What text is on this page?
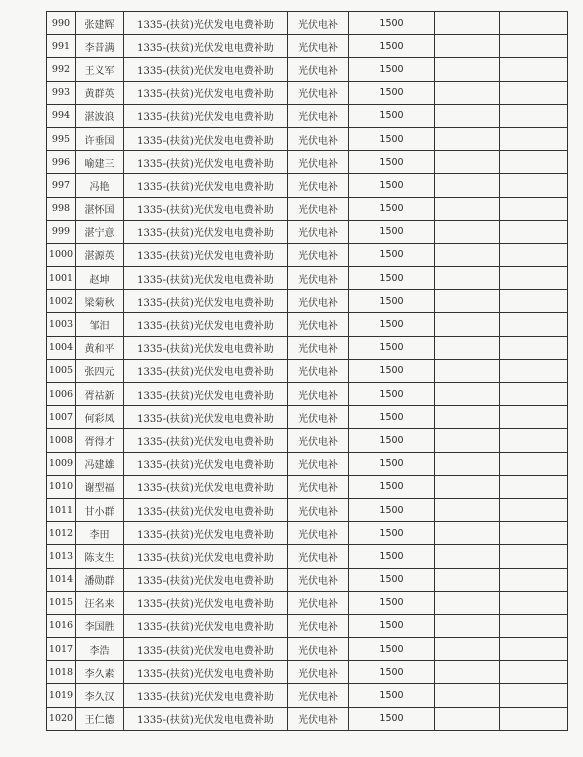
990	张建辉	1335-(扶贫)光伏发电电费补助	光伏电补	1500		
991	李昔满	1335-(扶贫)光伏发电电费补助	光伏电补	1500		
992	王义军	1335-(扶贫)光伏发电电费补助	光伏电补	1500		
993	黄群英	1335-(扶贫)光伏发电电费补助	光伏电补	1500		
994	湛波浪	1335-(扶贫)光伏发电电费补助	光伏电补	1500		
995	许垂国	1335-(扶贫)光伏发电电费补助	光伏电补	1500		
996	喻建三	1335-(扶贫)光伏发电电费补助	光伏电补	1500		
997	冯艳	1335-(扶贫)光伏发电电费补助	光伏电补	1500		
998	湛怀国	1335-(扶贫)光伏发电电费补助	光伏电补	1500		
999	湛宁意	1335-(扶贫)光伏发电电费补助	光伏电补	1500		
1000	湛源英	1335-(扶贫)光伏发电电费补助	光伏电补	1500		
1001	赵坤	1335-(扶贫)光伏发电电费补助	光伏电补	1500		
1002	梁菊秋	1335-(扶贫)光伏发电电费补助	光伏电补	1500		
1003	邹汨	1335-(扶贫)光伏发电电费补助	光伏电补	1500		
1004	黄和平	1335-(扶贫)光伏发电电费补助	光伏电补	1500		
1005	张四元	1335-(扶贫)光伏发电电费补助	光伏电补	1500		
1006	胥祜新	1335-(扶贫)光伏发电电费补助	光伏电补	1500		
1007	何彩凤	1335-(扶贫)光伏发电电费补助	光伏电补	1500		
1008	胥得才	1335-(扶贫)光伏发电电费补助	光伏电补	1500		
1009	冯建雄	1335-(扶贫)光伏发电电费补助	光伏电补	1500		
1010	谢型福	1335-(扶贫)光伏发电电费补助	光伏电补	1500		
1011	甘小群	1335-(扶贫)光伏发电电费补助	光伏电补	1500		
1012	李田	1335-(扶贫)光伏发电电费补助	光伏电补	1500		
1013	陈支生	1335-(扶贫)光伏发电电费补助	光伏电补	1500		
1014	潘勋群	1335-(扶贫)光伏发电电费补助	光伏电补	1500		
1015	汪名来	1335-(扶贫)光伏发电电费补助	光伏电补	1500		
1016	李国胜	1335-(扶贫)光伏发电电费补助	光伏电补	1500		
1017	李浩	1335-(扶贫)光伏发电电费补助	光伏电补	1500		
1018	李久素	1335-(扶贫)光伏发电电费补助	光伏电补	1500		
1019	李久汉	1335-(扶贫)光伏发电电费补助	光伏电补	1500		
1020	王仁德	1335-(扶贫)光伏发电电费补助	光伏电补	1500		
